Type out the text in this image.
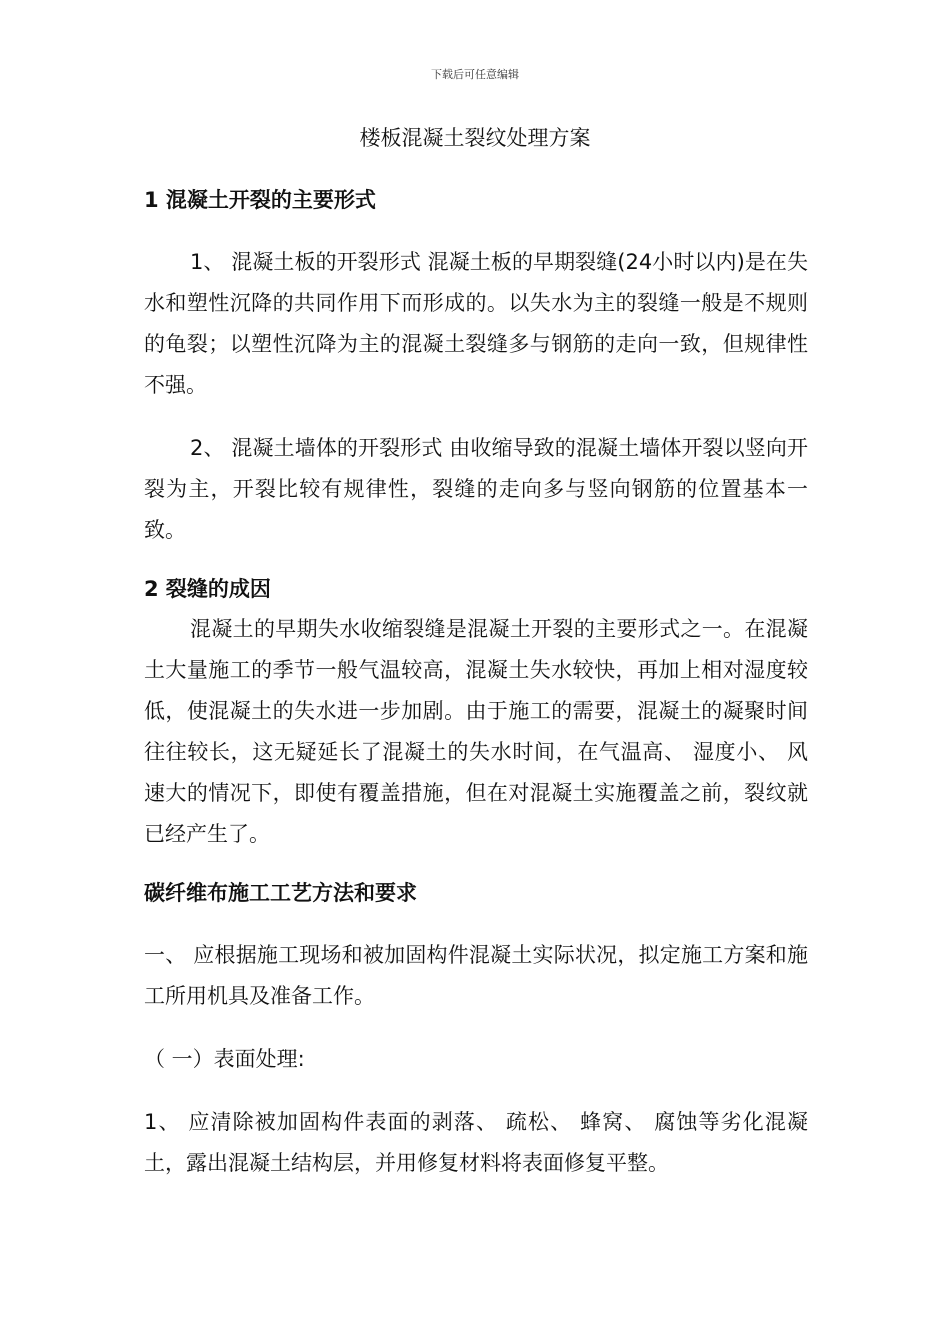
下载后可任意编辑
楼板混凝土裂纹处理方案
1 混凝土开裂的主要形式

1、 混凝土板的开裂形式 混凝土板的早期裂缝(24小时以内)是在失水和塑性沉降的共同作用下而形成的。以失水为主的裂缝一般是不规则的龟裂；以塑性沉降为主的混凝土裂缝多与钢筋的走向一致，但规律性不强。

2、 混凝土墙体的开裂形式 由收缩导致的混凝土墙体开裂以竖向开裂为主，开裂比较有规律性，裂缝的走向多与竖向钢筋的位置基本一致。

2 裂缝的成因

混凝土的早期失水收缩裂缝是混凝土开裂的主要形式之一。在混凝土大量施工的季节一般气温较高，混凝土失水较快，再加上相对湿度较低，使混凝土的失水进一步加剧。由于施工的需要，混凝土的凝聚时间往往较长，这无疑延长了混凝土的失水时间，在气温高、 湿度小、 风速大的情况下，即使有覆盖措施，但在对混凝土实施覆盖之前，裂纹就已经产生了。

碳纤维布施工工艺方法和要求

一、 应根据施工现场和被加固构件混凝土实际状况，拟定施工方案和施工所用机具及准备工作。

（ 一）表面处理:

1、 应清除被加固构件表面的剥落、 疏松、 蜂窝、 腐蚀等劣化混凝土，露出混凝土结构层，并用修复材料将表面修复平整。
